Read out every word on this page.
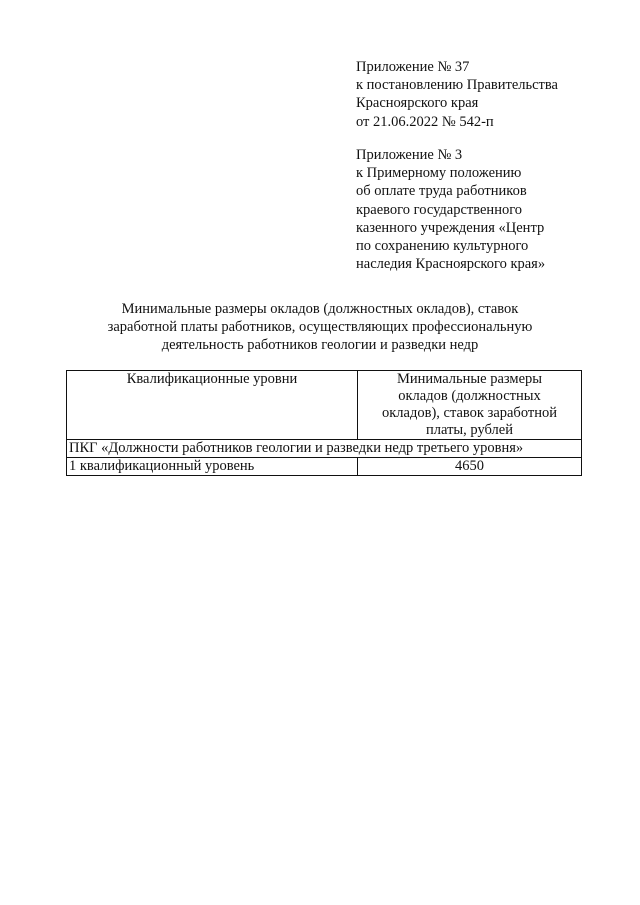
Приложение № 37
к постановлению Правительства
Красноярского края
от 21.06.2022 № 542-п
Приложение № 3
к Примерному положению
об оплате труда работников
краевого государственного
казенного учреждения «Центр
по сохранению культурного
наследия Красноярского края»
Минимальные размеры окладов (должностных окладов), ставок
заработной платы работников, осуществляющих профессиональную
деятельность работников геологии и разведки недр
Квалификационные уровни	Минимальные размеры
окладов (должностных
окладов), ставок заработной
платы, рублей

ПКГ «Должности работников геологии и разведки недр третьего уровня»	
1 квалификационный уровень	4650
